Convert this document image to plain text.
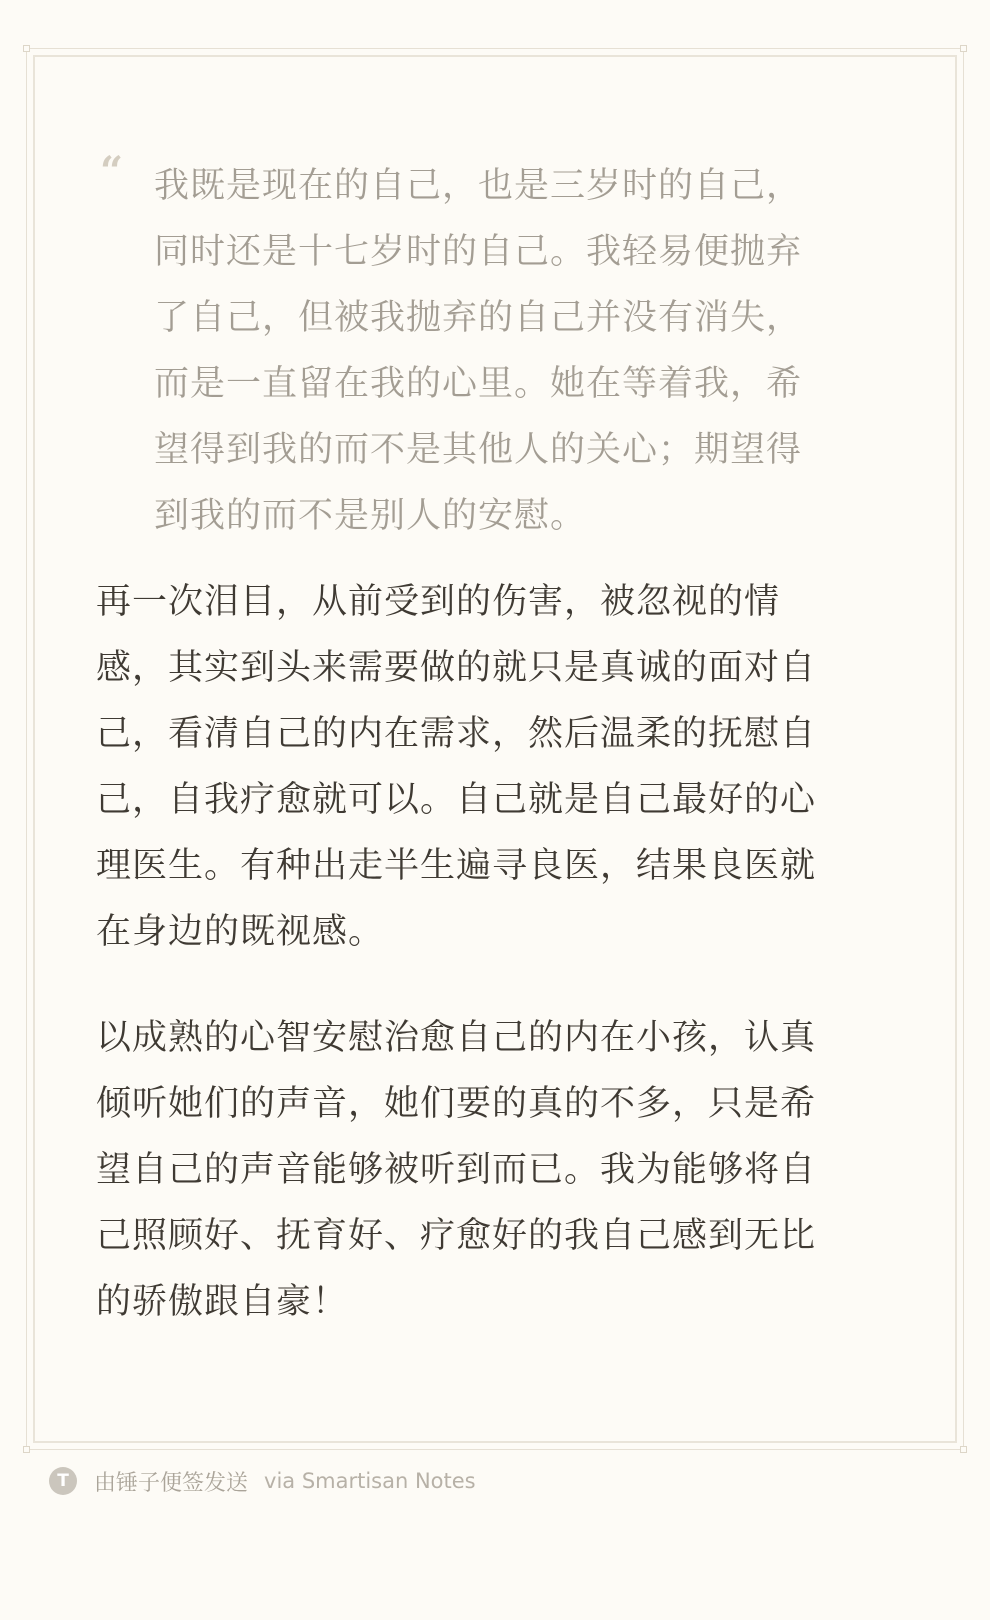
“ 我既是现在的自己，也是三岁时的自己，
同时还是十七岁时的自己。我轻易便抛弃
了自己，但被我抛弃的自己并没有消失，
而是一直留在我的心里。她在等着我，希
望得到我的而不是其他人的关心；期望得
到我的而不是别人的安慰。
再一次泪目，从前受到的伤害，被忽视的情
感，其实到头来需要做的就只是真诚的面对自
己，看清自己的内在需求，然后温柔的抚慰自
己，自我疗愈就可以。自己就是自己最好的心
理医生。有种出走半生遍寻良医，结果良医就
在身边的既视感。
以成熟的心智安慰治愈自己的内在小孩，认真
倾听她们的声音，她们要的真的不多，只是希
望自己的声音能够被听到而已。我为能够将自
己照顾好、抚育好、疗愈好的我自己感到无比
的骄傲跟自豪！
T	由锤子便签发送 via Smartisan Notes
